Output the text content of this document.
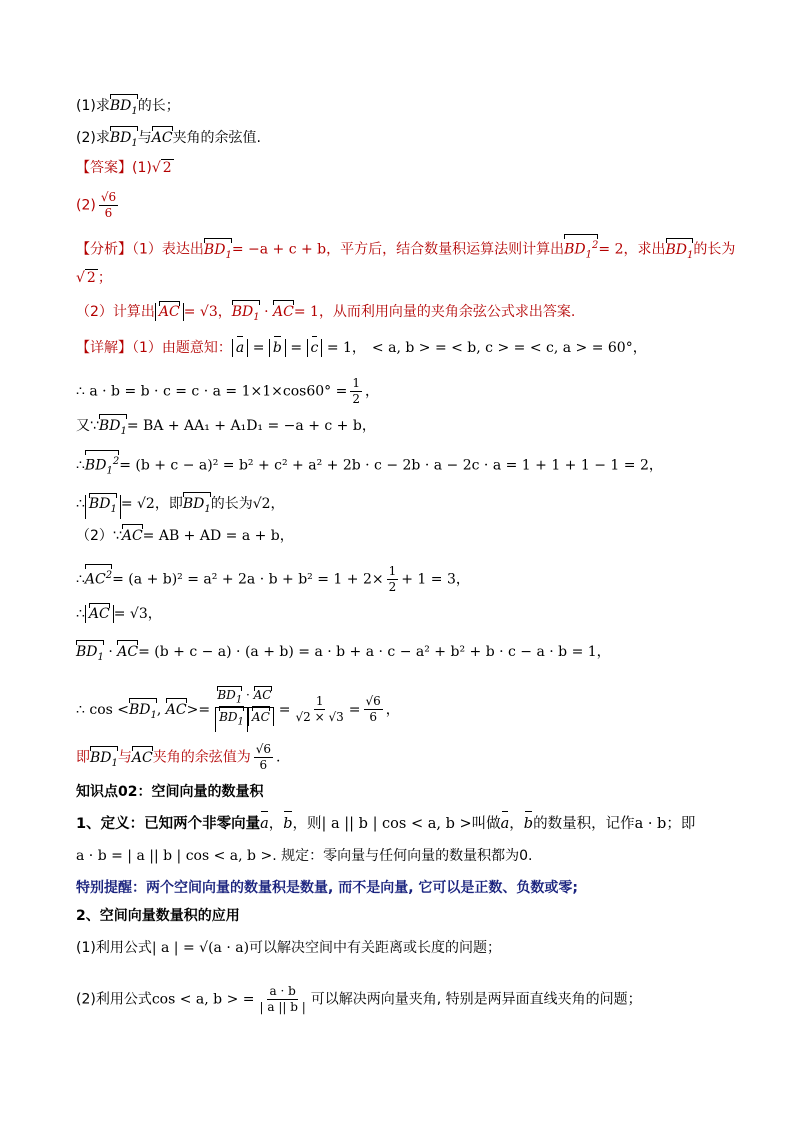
(1)求$BD_1$的长；
(2)求$BD_1$与AC夹角的余弦值.
【答案】(1)√ 2
$(2) \frac{√6}{6}$
【分析】（1）表达出$BD_1= -a + c + b$，平方后，结合数量积运算法则计算出$BD_1^2= 2$，求出$BD_1$的长为
√ 2 ；
（2）计算出 AC = √3，$BD_1 \cdot AC= 1$，从而利用向量的夹角余弦公式求出答案.
【详解】（1）由题意知： a = b = c = 1， < a, b > = < b, c > = < c, a > = 60°，
∴ $a \cdot b = b \cdot c = c \cdot a = 1\times 1\times\cos 60^\circ = \frac{1}{2}$ ，
又$\because BD_1=$ BA + AA₁ + A₁D₁ = −a + c + b，
$\therefore BD_1^2= (b + c - a)^2 = b^2 + c^2 + a^2 + 2b \cdot c - 2b \cdot a - 2c \cdot a = 1 + 1 + 1 - 1 = 2$，
∴ $BD_1 = √2$，即$BD_1$的长为√2，
（2）∵AC= AB + AD = a + b，
$\therefore AC^2= (a + b)^2 = a^2 + 2a \cdot b + b^2 = 1 + 2\times \frac{1}{2} + 1 = 3$，
∴ AC = √3，
$BD_1 \cdot AC= (b + c - a) \cdot (a + b) = a \cdot b + a \cdot c - a^2 + b^2 + b \cdot c - a \cdot b = 1$，
∴ $\cos <BD_1$, $AC>= \frac{BD_1 \cdot AC}{BD_1 AC} = \frac{1}{√2 \times √3} = \frac{√6}{6}$ ，
即$BD_1$与AC夹角的余弦值为 $\frac{√6}{6}$ .
知识点02：空间向量的数量积
1、定义：已知两个非零向量a，b，则| a || b | cos < a, b >叫做a，b的数量积，记作a · b；即
a · b = | a || b | cos < a, b >. 规定：零向量与任何向量的数量积都为0.
特别提醒：两个空间向量的数量积是数量, 而不是向量, 它可以是正数、负数或零;
2、空间向量数量积的应用
(1)利用公式| a | = √(a · a)可以解决空间中有关距离或长度的问题；
(2)利用公式cos < a, b > = $\frac{a \cdot b}{| a || b |}$ 可以解决两向量夹角, 特别是两异面直线夹角的问题；
